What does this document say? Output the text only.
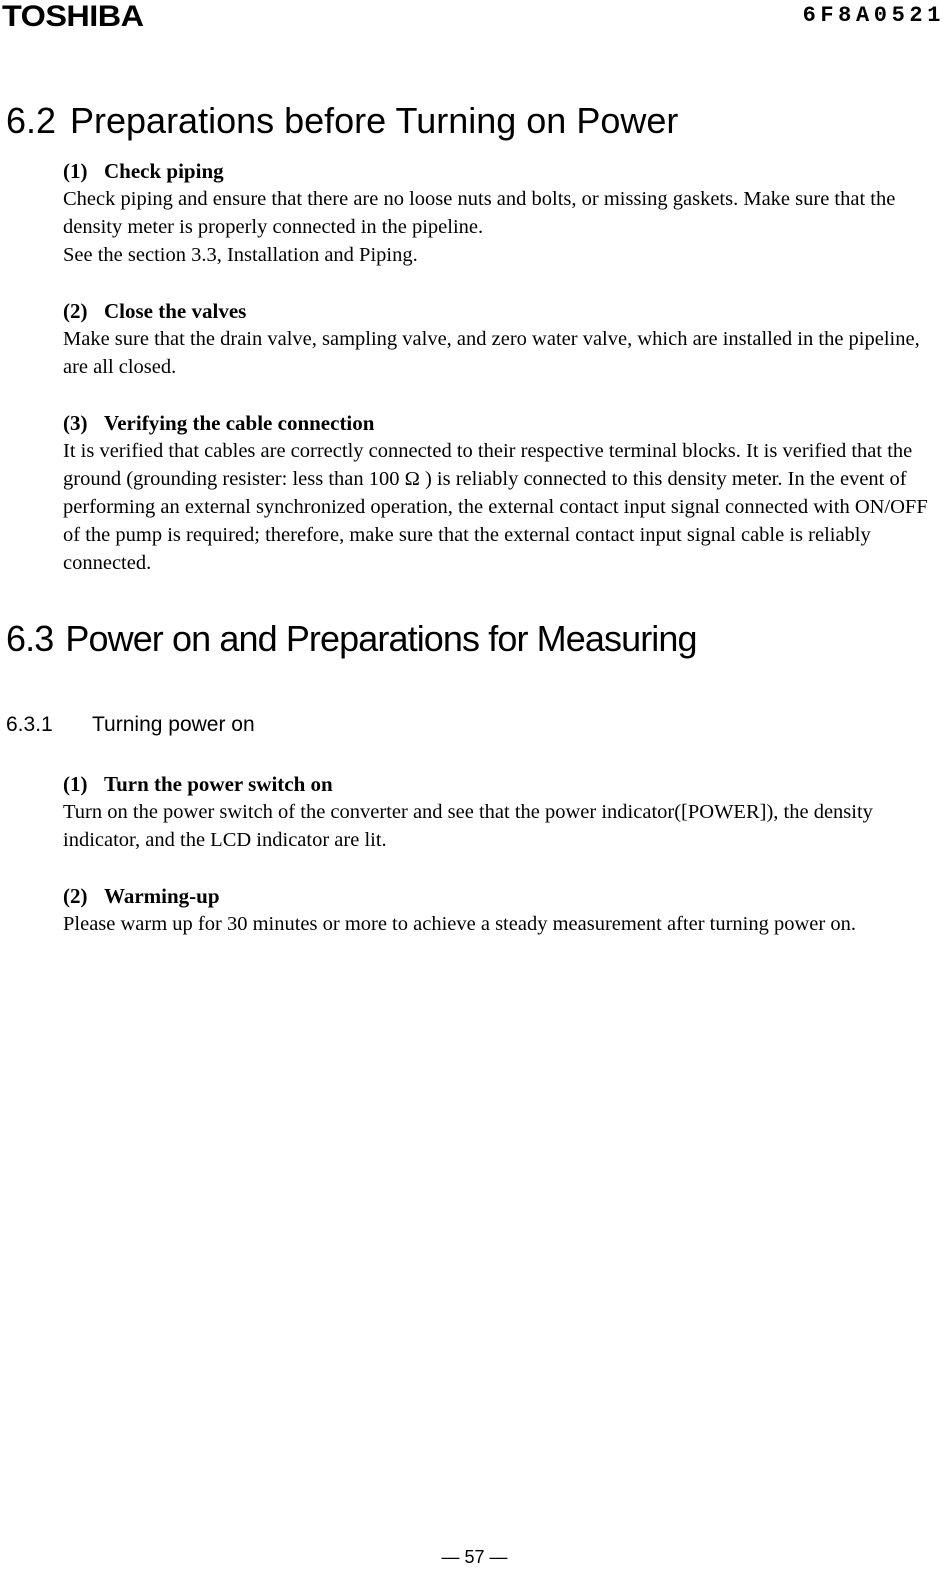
TOSHIBA	6F8A0521
6.2 Preparations before Turning on Power
(1) Check piping

Check piping and ensure that there are no loose nuts and bolts, or missing gaskets. Make sure that the density meter is properly connected in the pipeline.

See the section 3.3, Installation and Piping.

(2) Close the valves

Make sure that the drain valve, sampling valve, and zero water valve, which are installed in the pipeline, are all closed.

(3) Verifying the cable connection

It is verified that cables are correctly connected to their respective terminal blocks. It is verified that the ground (grounding resister: less than 100 Ω ) is reliably connected to this density meter. In the event of performing an external synchronized operation, the external contact input signal connected with ON/OFF of the pump is required; therefore, make sure that the external contact input signal cable is reliably connected.

6.3 Power on and Preparations for Measuring
6.3.1 Turning power on
(1) Turn the power switch on

Turn on the power switch of the converter and see that the power indicator([POWER]), the density indicator, and the LCD indicator are lit.

(2) Warming-up

Please warm up for 30 minutes or more to achieve a steady measurement after turning power on.

— 57 —
